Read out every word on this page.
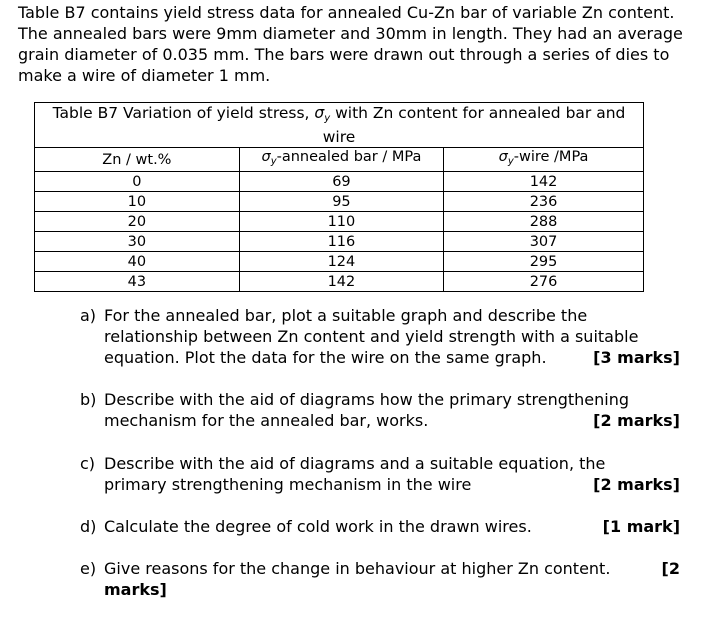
Table B7 contains yield stress data for annealed Cu-Zn bar of variable Zn content. The annealed bars were 9mm diameter and 30mm in length. They had an average grain diameter of 0.035 mm. The bars were drawn out through a series of dies to make a wire of diameter 1 mm.

Table B7 Variation of yield stress, $\sigma_y$ with Zn content for annealed bar and wire
Zn / wt.%	$\sigma_y$-annealed bar / MPa	$\sigma_y$-wire /MPa
0	69	142
10	95	236
20	110	288
30	116	307
40	124	295
43	142	276
a) For the annealed bar, plot a suitable graph and describe the
relationship between Zn content and yield strength with a suitable
equation. Plot the data for the wire on the same graph.	[3 marks]
b) Describe with the aid of diagrams how the primary strengthening
mechanism for the annealed bar, works.	[2 marks]
c) Describe with the aid of diagrams and a suitable equation, the
primary strengthening mechanism in the wire	[2 marks]
d) Calculate the degree of cold work in the drawn wires.	[1 mark]
e) Give reasons for the change in behaviour at higher Zn content.	[2
marks]
